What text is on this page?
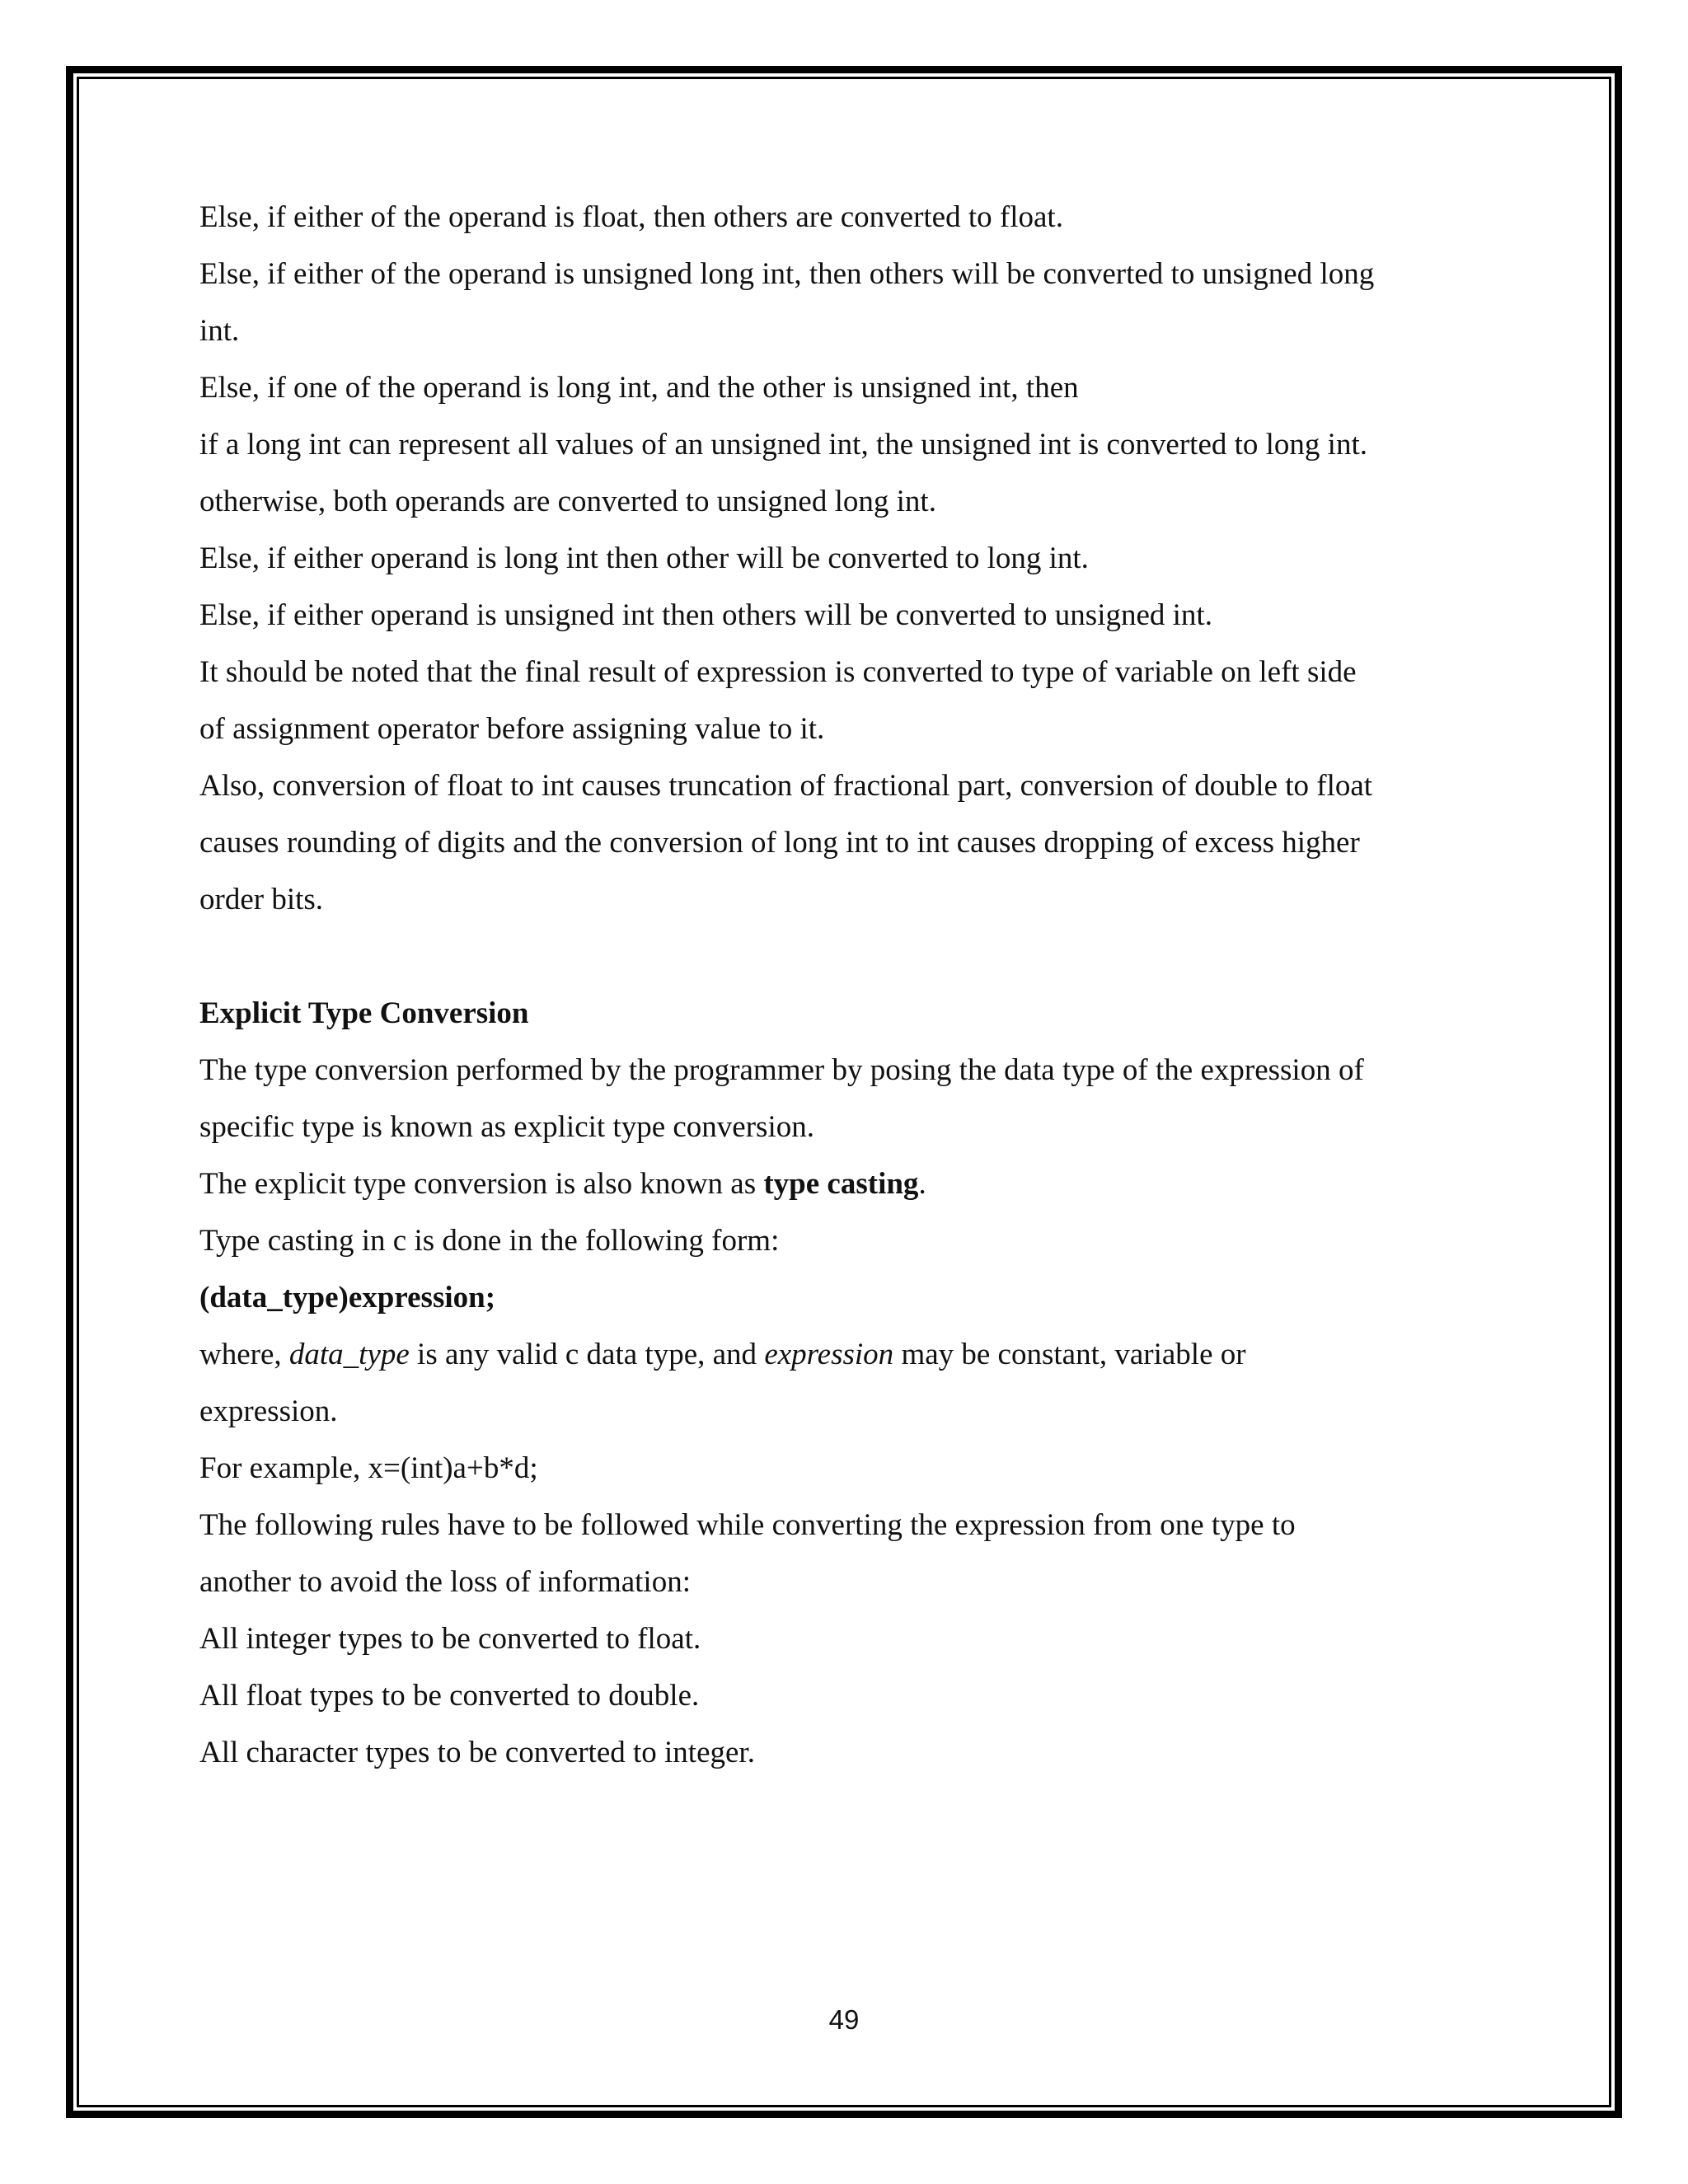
Else, if either of the operand is float, then others are converted to float.
Else, if either of the operand is unsigned long int, then others will be converted to unsigned long
int.
Else, if one of the operand is long int, and the other is unsigned int, then
if a long int can represent all values of an unsigned int, the unsigned int is converted to long int.
otherwise, both operands are converted to unsigned long int.
Else, if either operand is long int then other will be converted to long int.
Else, if either operand is unsigned int then others will be converted to unsigned int.
It should be noted that the final result of expression is converted to type of variable on left side
of assignment operator before assigning value to it.
Also, conversion of float to int causes truncation of fractional part, conversion of double to float
causes rounding of digits and the conversion of long int to int causes dropping of excess higher
order bits.
Explicit Type Conversion
The type conversion performed by the programmer by posing the data type of the expression of
specific type is known as explicit type conversion.
The explicit type conversion is also known as type casting.
Type casting in c is done in the following form:
(data_type)expression;
where, data_type is any valid c data type, and expression may be constant, variable or
expression.
For example, x=(int)a+b*d;
The following rules have to be followed while converting the expression from one type to
another to avoid the loss of information:
All integer types to be converted to float.
All float types to be converted to double.
All character types to be converted to integer.
49
